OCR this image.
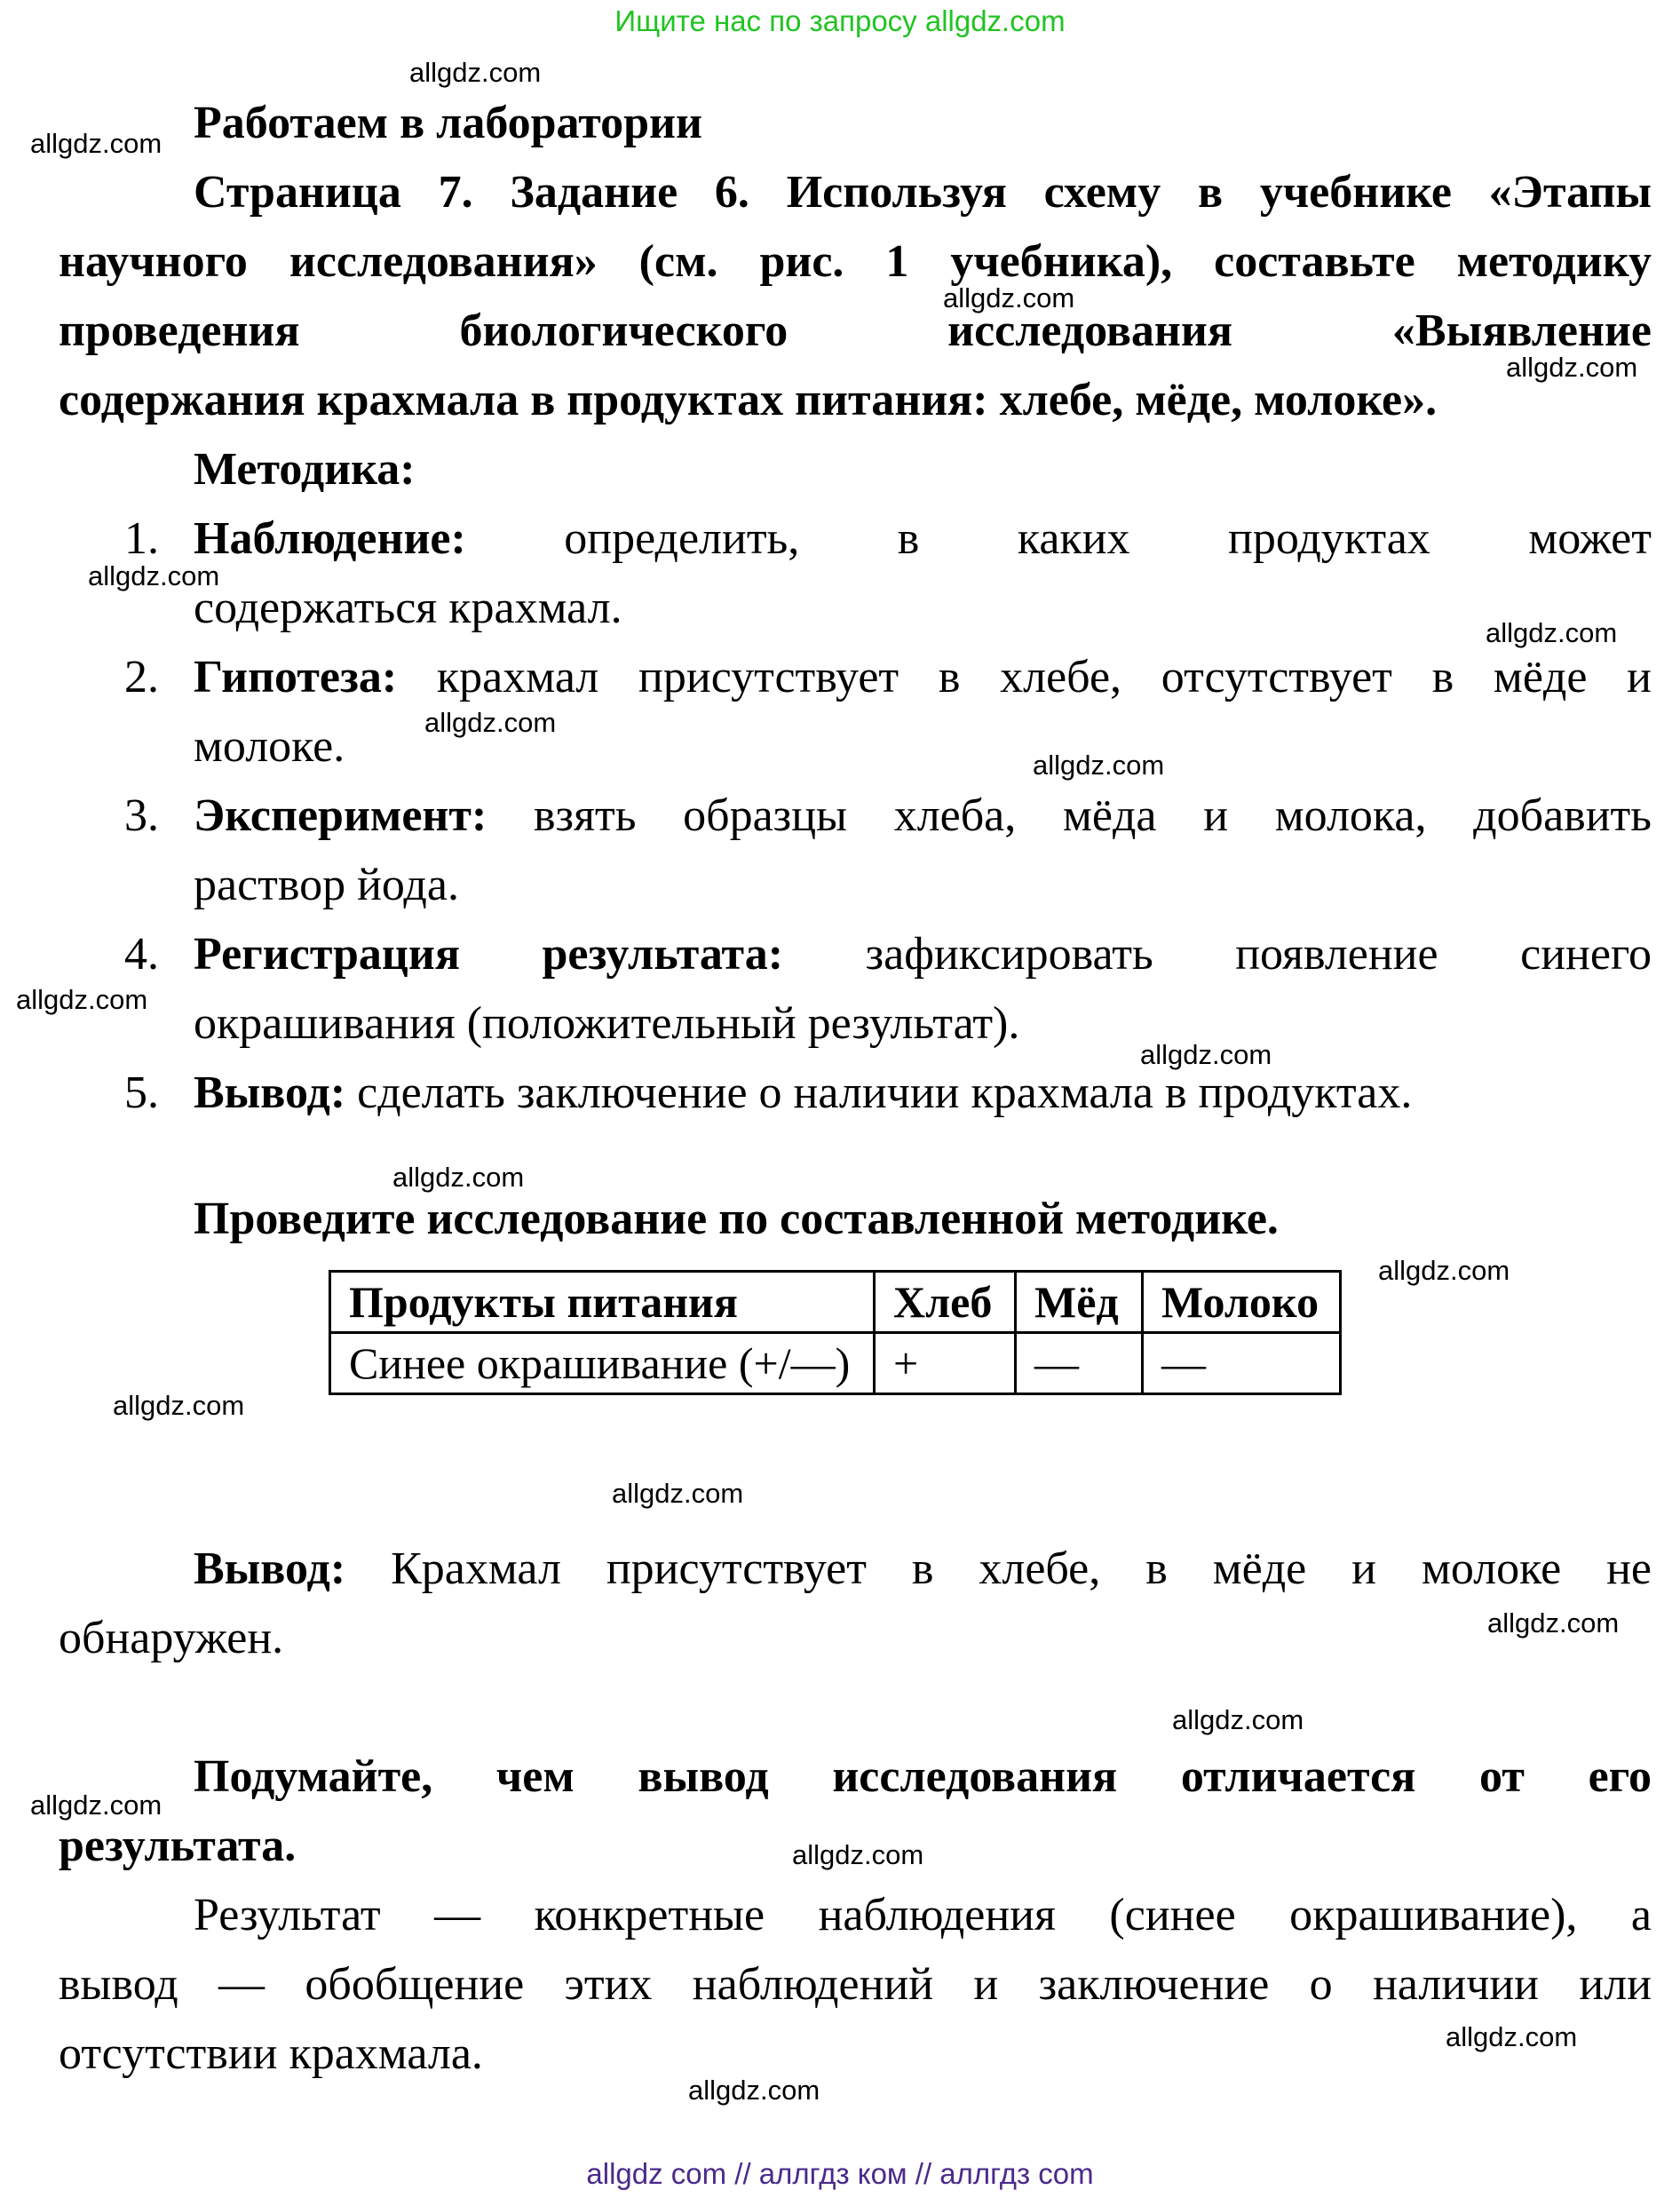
Ищите нас по запросу allgdz.com
allgdz com // аллгдз ком // аллгдз com
allgdz.com
allgdz.com
allgdz.com
allgdz.com
allgdz.com
allgdz.com
allgdz.com
allgdz.com
allgdz.com
allgdz.com
allgdz.com
allgdz.com
allgdz.com
allgdz.com
allgdz.com
allgdz.com
allgdz.com
allgdz.com
allgdz.com
allgdz.com
Работаем в лаборатории
Страница 7. Задание 6. Используя схему в учебнике «Этапы
научного исследования» (см. рис. 1 учебника), составьте методику
проведения	биологического	исследования	«Выявление
содержания крахмала в продуктах питания: хлебе, мёде, молоке».
Методика:
1. Наблюдение: определить, в каких продуктах может
содержаться крахмал.
2. Гипотеза: крахмал присутствует в хлебе, отсутствует в мёде и
молоке.
3. Эксперимент: взять образцы хлеба, мёда и молока, добавить
раствор йода.
4. Регистрация результата: зафиксировать появление синего
окрашивания (положительный результат).
5. Вывод: сделать заключение о наличии крахмала в продуктах.
Проведите исследование по составленной методике.
Продукты питания	Хлеб	Мёд	Молоко
Синее окрашивание (+/—)	+	—	—
Вывод: Крахмал присутствует в хлебе, в мёде и молоке не
обнаружен.
Подумайте, чем вывод исследования отличается от его
результата.
Результат — конкретные наблюдения (синее окрашивание), а
вывод — обобщение этих наблюдений и заключение о наличии или
отсутствии крахмала.
